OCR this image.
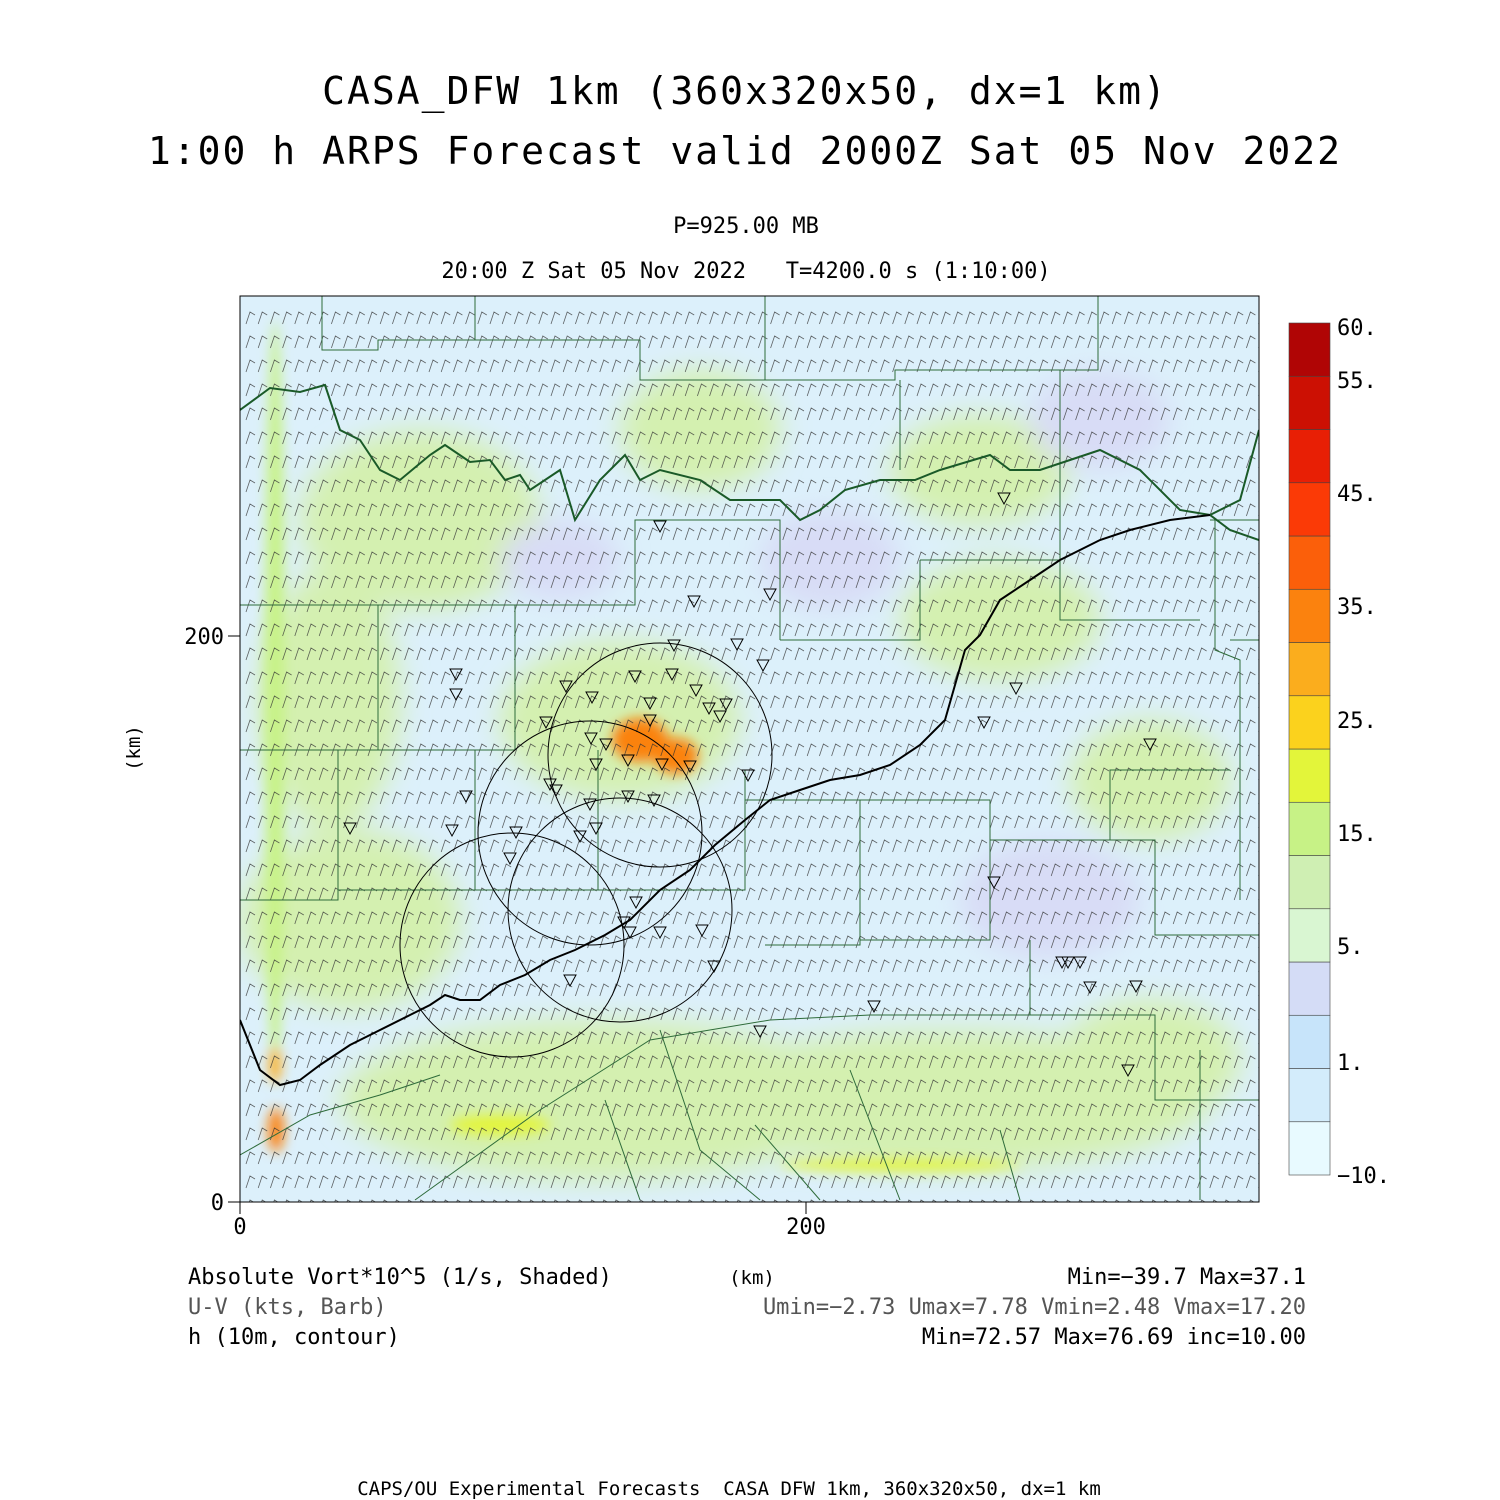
CASA_DFW 1km (360x320x50, dx=1 km)
1:00 h ARPS Forecast valid 2000Z Sat 05 Nov 2022
P=925.00 MB
20:00 Z Sat 05 Nov 2022   T=4200.0 s (1:10:00)
0	200
0
200
(km)
(km)
60.
55.
45.
35.
25.
15.
5.
1.
−10.
Absolute Vort*10^5 (1/s, Shaded)
U-V (kts, Barb)
h (10m, contour)
Min=−39.7 Max=37.1
Umin=−2.73 Umax=7.78 Vmin=2.48 Vmax=17.20
Min=72.57 Max=76.69 inc=10.00
CAPS/OU Experimental Forecasts  CASA DFW 1km, 360x320x50, dx=1 km
